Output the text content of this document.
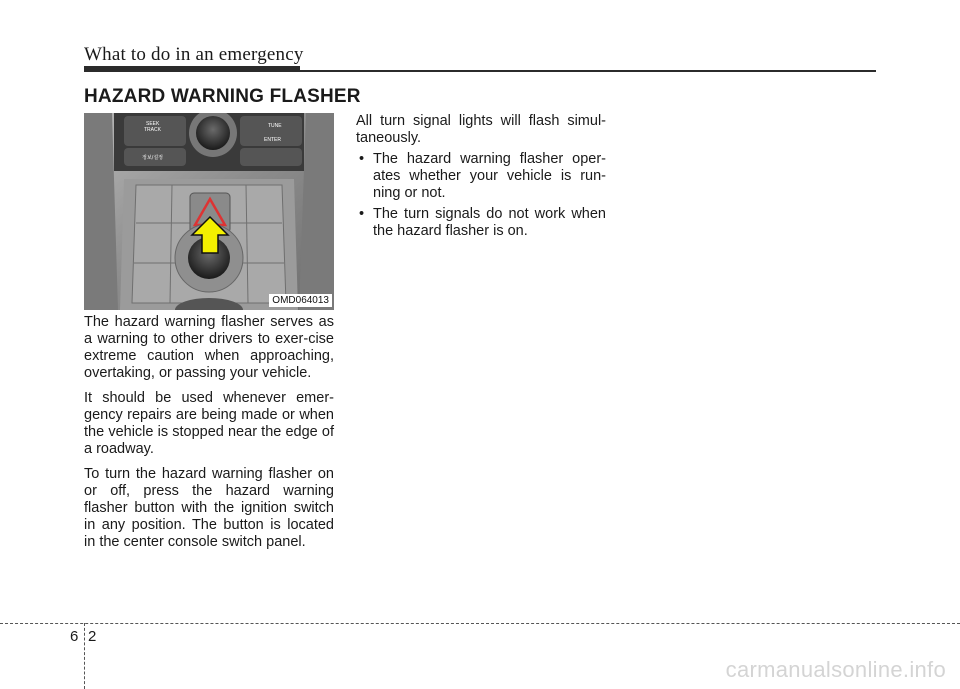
What to do in an emergency
HAZARD WARNING FLASHER
SEEK
TRACK
정보/설정
TUNE
ENTER
OMD064013

The hazard warning flasher serves as a warning to other drivers to exer-cise extreme caution when approaching, overtaking, or passing your vehicle.

It should be used whenever emer-gency repairs are being made or when the vehicle is stopped near the edge of a roadway.

To turn the hazard warning flasher on or off, press the hazard warning flasher button with the ignition switch in any position. The button is located in the center console switch panel.

All turn signal lights will flash simul-taneously.

• The hazard warning flasher oper-ates whether your vehicle is run-ning or not.
• The turn signals do not work when the hazard flasher is on.
6 2
carmanualsonline.info
